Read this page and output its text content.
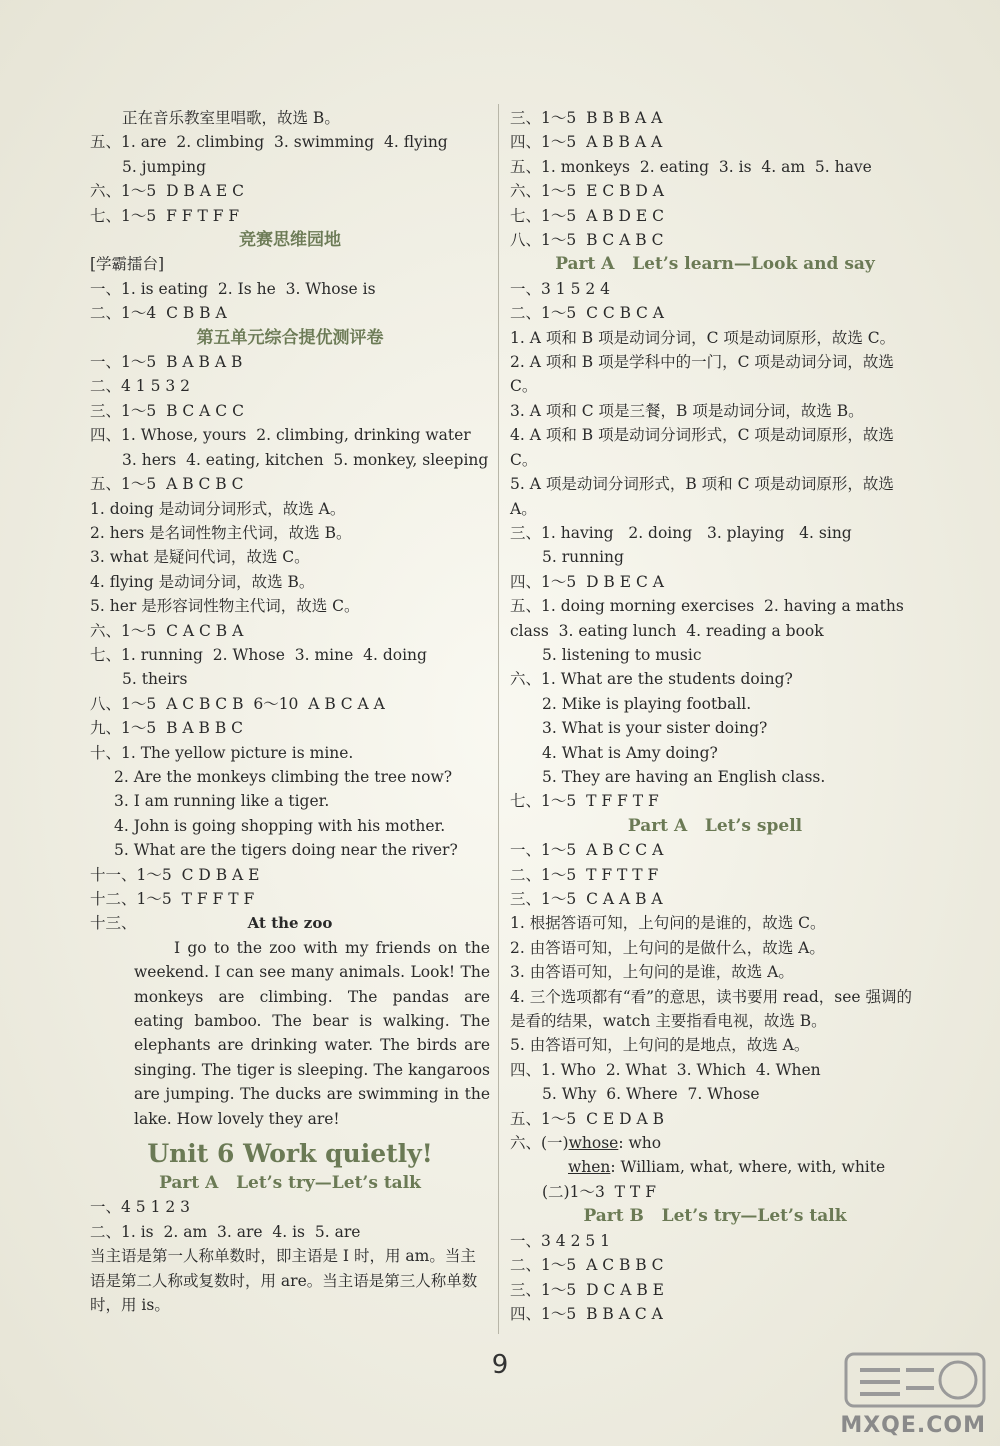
正在音乐教室里唱歌，故选 B。
五、1. are  2. climbing  3. swimming  4. flying
5. jumping
六、1～5  D B A E C
七、1～5  F F T F F
竞赛思维园地
[学霸擂台]
一、1. is eating  2. Is he  3. Whose is
二、1～4  C B B A
第五单元综合提优测评卷
一、1～5  B A B A B
二、4 1 5 3 2
三、1～5  B C A C C
四、1. Whose, yours  2. climbing, drinking water
3. hers  4. eating, kitchen  5. monkey, sleeping
五、1～5  A B C B C
1. doing 是动词分词形式，故选 A。
2. hers 是名词性物主代词，故选 B。
3. what 是疑问代词，故选 C。
4. flying 是动词分词，故选 B。
5. her 是形容词性物主代词，故选 C。
六、1～5  C A C B A
七、1. running  2. Whose  3. mine  4. doing
5. theirs
八、1～5  A C B C B  6～10  A B C A A
九、1～5  B A B B C
十、1. The yellow picture is mine.
2. Are the monkeys climbing the tree now?
3. I am running like a tiger.
4. John is going shopping with his mother.
5. What are the tigers doing near the river?
十一、1～5  C D B A E
十二、1～5  T F F T F
十三、	At the zoo

I go to the zoo with my friends on the weekend. I can see many animals. Look! The monkeys are climbing. The pandas are eating bamboo. The bear is walking. The elephants are drinking water. The birds are singing. The tiger is sleeping. The kangaroos are jumping. The ducks are swimming in the lake. How lovely they are!

Unit 6 Work quietly!
Part A   Let’s try—Let’s talk
一、4 5 1 2 3
二、1. is  2. am  3. are  4. is  5. are
当主语是第一人称单数时，即主语是 I 时，用 am。当主语是第二人称或复数时，用 are。当主语是第三人称单数时，用 is。
三、1～5  B B B A A
四、1～5  A B B A A
五、1. monkeys  2. eating  3. is  4. am  5. have
六、1～5  E C B D A
七、1～5  A B D E C
八、1～5  B C A B C
Part A   Let’s learn—Look and say
一、3 1 5 2 4
二、1～5  C C B C A
1. A 项和 B 项是动词分词，C 项是动词原形，故选 C。
2. A 项和 B 项是学科中的一门，C 项是动词分词，故选 C。
3. A 项和 C 项是三餐，B 项是动词分词，故选 B。
4. A 项和 B 项是动词分词形式，C 项是动词原形，故选 C。
5. A 项是动词分词形式，B 项和 C 项是动词原形，故选 A。
三、1. having   2. doing   3. playing   4. sing
5. running
四、1～5  D B E C A
五、1. doing morning exercises  2. having a maths class  3. eating lunch  4. reading a book
5. listening to music
六、1. What are the students doing?
2. Mike is playing football.
3. What is your sister doing?
4. What is Amy doing?
5. They are having an English class.
七、1～5  T F F T F
Part A   Let’s spell
一、1～5  A B C C A
二、1～5  T F T T F
三、1～5  C A A B A
1. 根据答语可知，上句问的是谁的，故选 C。
2. 由答语可知，上句问的是做什么，故选 A。
3. 由答语可知，上句问的是谁，故选 A。
4. 三个选项都有“看”的意思，读书要用 read，see 强调的是看的结果，watch 主要指看电视，故选 B。
5. 由答语可知，上句问的是地点，故选 A。
四、1. Who  2. What  3. Which  4. When
5. Why  6. Where  7. Whose
五、1～5  C E D A B
六、(一)whose: who
when: William, what, where, with, white
(二)1～3  T T F
Part B   Let’s try—Let’s talk
一、3 4 2 5 1
二、1～5  A C B B C
三、1～5  D C A B E
四、1～5  B B A C A
9
MXQE.COM
